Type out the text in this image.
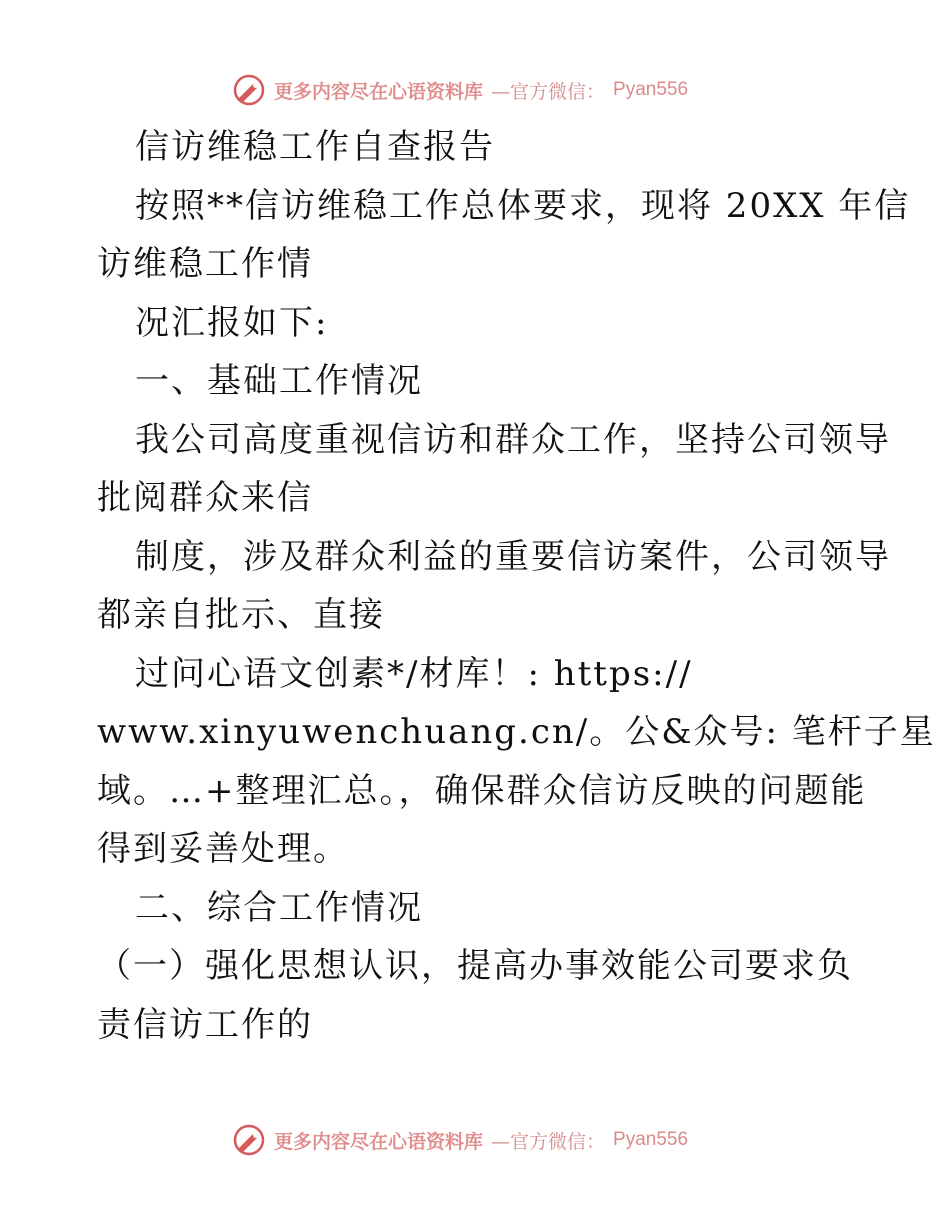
更多内容尽在心语资料库 —官方微信： Pyan556
信访维稳工作自查报告
按照**信访维稳工作总体要求，现将 20XX 年信
访维稳工作情
况汇报如下:
一、基础工作情况
我公司高度重视信访和群众工作，坚持公司领导
批阅群众来信
制度，涉及群众利益的重要信访案件，公司领导
都亲自批示、直接
过问心语文创素*/材库！: https://
www.xinyuwenchuang.cn/。公&众号: 笔杆子星
域。…+整理汇总。，确保群众信访反映的问题能
得到妥善处理。
二、综合工作情况
（一）强化思想认识，提高办事效能公司要求负
责信访工作的
更多内容尽在心语资料库 —官方微信： Pyan556
